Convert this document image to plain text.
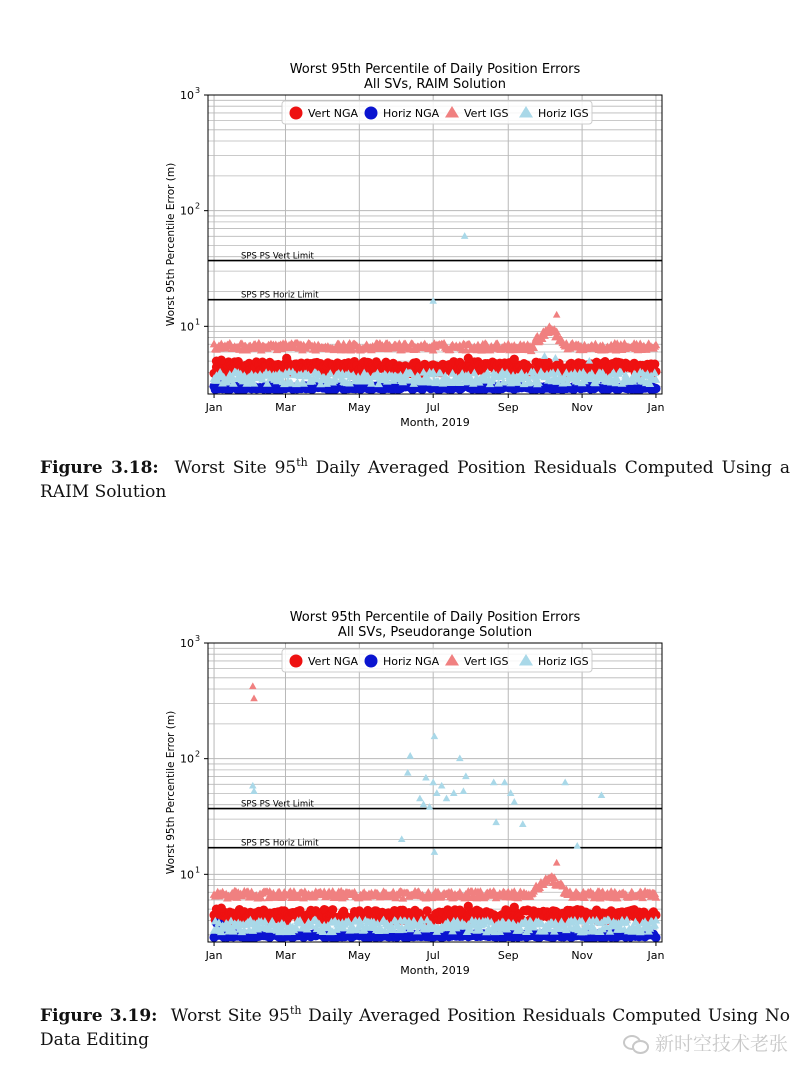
Worst 95th Percentile of Daily Position Errors
All SVs, RAIM Solution
SPS PS Vert Limit
SPS PS Horiz Limit
Jan	Mar	May	Jul	Sep	Nov	Jan
Month, 2019
10 1
10 2
10 3
Worst 95th Percentile Error (m)
Vert NGA Horiz NGA Vert IGS	Horiz IGS
Figure 3.18: Worst Site 95th Daily Averaged Position Residuals Computed Using a RAIM Solution
Worst 95th Percentile of Daily Position Errors
All SVs, Pseudorange Solution
SPS PS Vert Limit
SPS PS Horiz Limit
Jan	Mar	May	Jul	Sep	Nov	Jan
Month, 2019
10 1
10 2
10 3
Worst 95th Percentile Error (m)
Vert NGA Horiz NGA Vert IGS	Horiz IGS
Figure 3.19: Worst Site 95th Daily Averaged Position Residuals Computed Using No Data Editing	新时空技术老张
